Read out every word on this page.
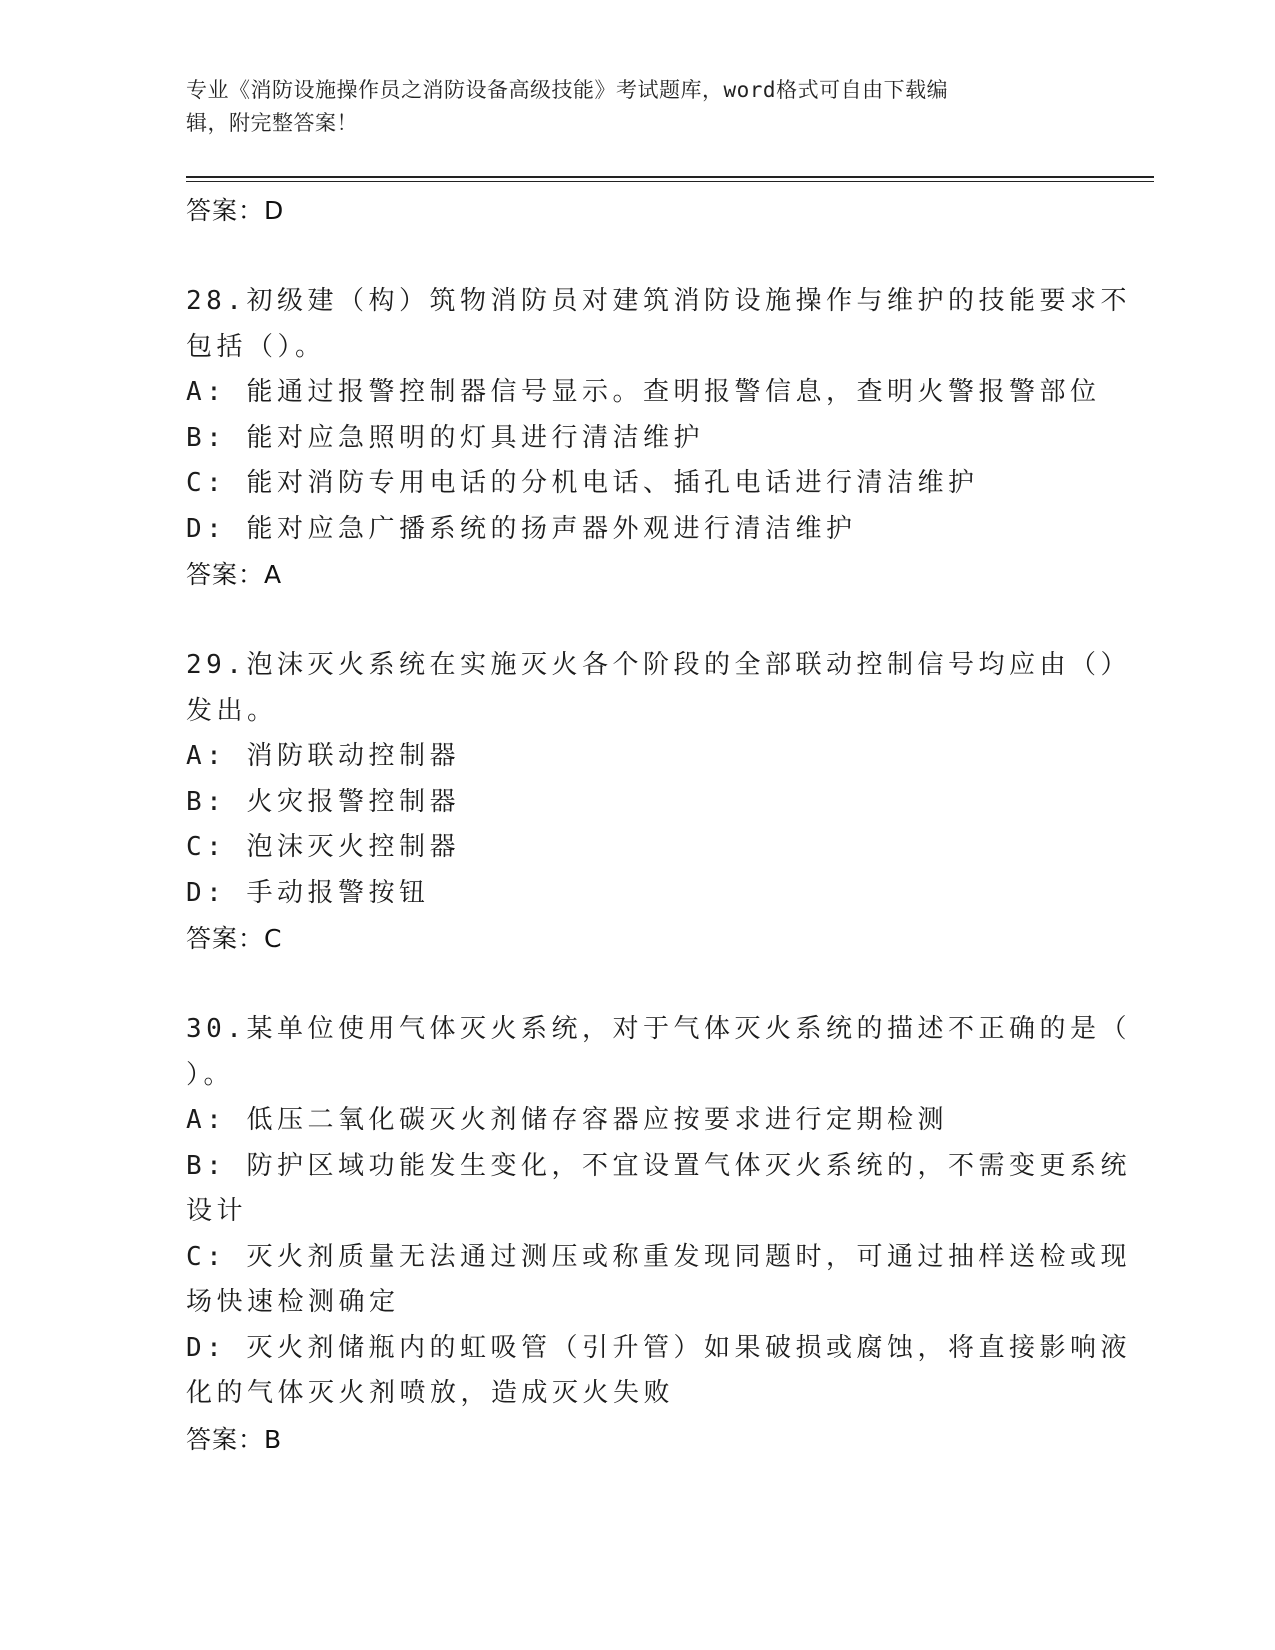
专业《消防设施操作员之消防设备高级技能》考试题库，word格式可自由下载编
辑，附完整答案！
答案：D
28.初级建（构）筑物消防员对建筑消防设施操作与维护的技能要求不
包括（）。
A: 能通过报警控制器信号显示。查明报警信息，查明火警报警部位
B: 能对应急照明的灯具进行清洁维护
C: 能对消防专用电话的分机电话、插孔电话进行清洁维护
D: 能对应急广播系统的扬声器外观进行清洁维护
答案：A
29.泡沫灭火系统在实施灭火各个阶段的全部联动控制信号均应由（）
发出。
A: 消防联动控制器
B: 火灾报警控制器
C: 泡沫灭火控制器
D: 手动报警按钮
答案：C
30.某单位使用气体灭火系统，对于气体灭火系统的描述不正确的是（
）。
A: 低压二氧化碳灭火剂储存容器应按要求进行定期检测
B: 防护区域功能发生变化，不宜设置气体灭火系统的，不需变更系统
设计
C: 灭火剂质量无法通过测压或称重发现同题时，可通过抽样送检或现
场快速检测确定
D: 灭火剂储瓶内的虹吸管（引升管）如果破损或腐蚀，将直接影响液
化的气体灭火剂喷放，造成灭火失败
答案：B
